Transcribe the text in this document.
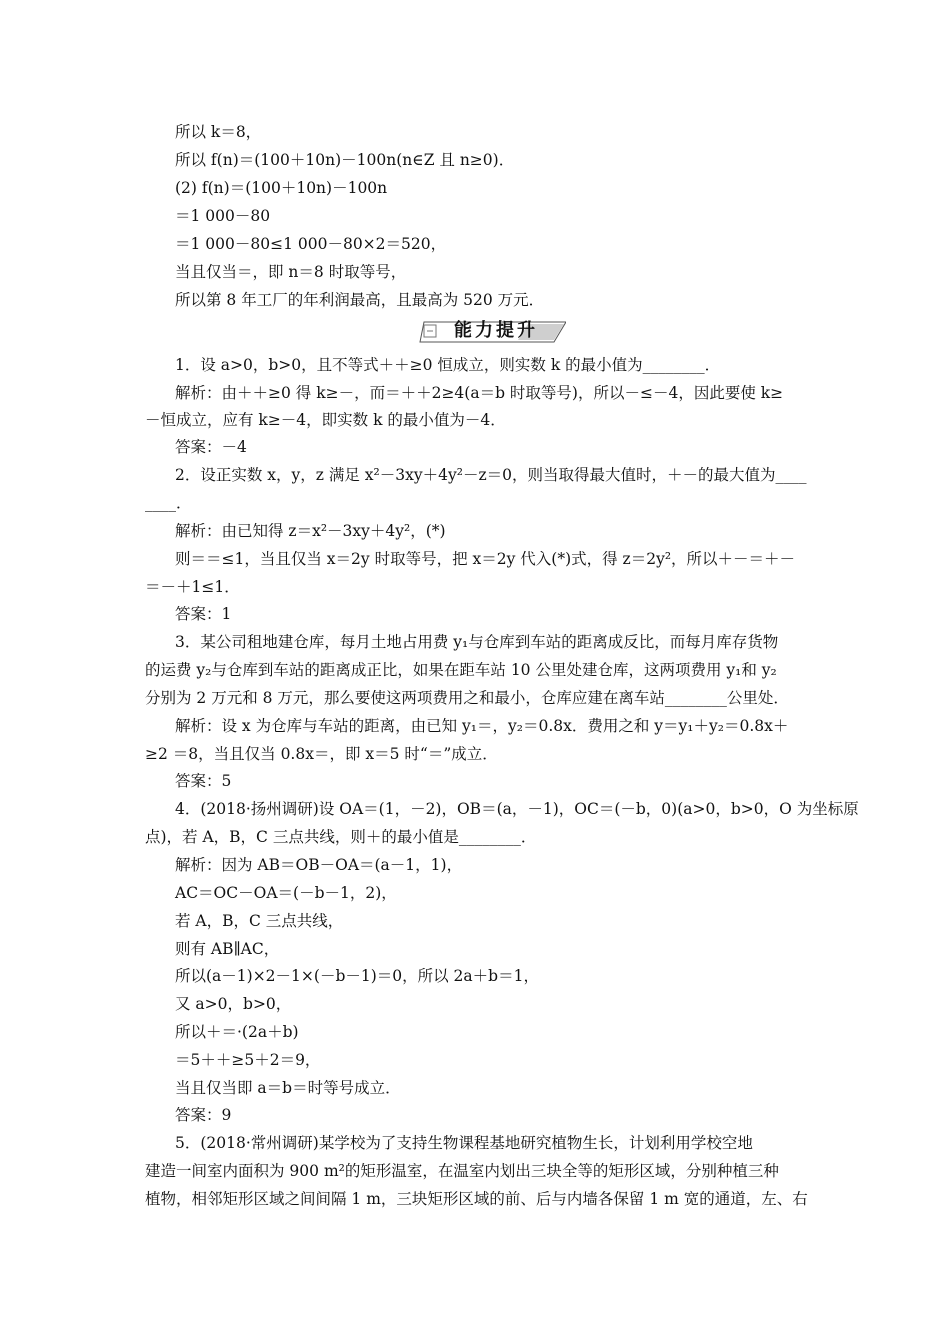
所以 k＝8，
所以 f(n)＝(100＋10n)－100n(n∈Z 且 n≥0)．
(2) f(n)＝(100＋10n)－100n
＝1 000－80
＝1 000－80≤1 000－80×2＝520，
当且仅当＝，即 n＝8 时取等号，
所以第 8 年工厂的年利润最高，且最高为 520 万元．
能力提升
1．设 a>0，b>0，且不等式＋＋≥0 恒成立，则实数 k 的最小值为________．
解析：由＋＋≥0 得 k≥－，而＝＋＋2≥4(a＝b 时取等号)，所以－≤－4，因此要使 k≥
－恒成立，应有 k≥－4，即实数 k 的最小值为－4．
答案：－4
2．设正实数 x，y，z 满足 x²－3xy＋4y²－z＝0，则当取得最大值时，＋－的最大值为____
____．
解析：由已知得 z＝x²－3xy＋4y²，(*)
则＝＝≤1，当且仅当 x＝2y 时取等号，把 x＝2y 代入(*)式，得 z＝2y²，所以＋－＝＋－
＝－＋1≤1．
答案：1
3．某公司租地建仓库，每月土地占用费 y₁与仓库到车站的距离成反比，而每月库存货物
的运费 y₂与仓库到车站的距离成正比，如果在距车站 10 公里处建仓库，这两项费用 y₁和 y₂
分别为 2 万元和 8 万元，那么要使这两项费用之和最小，仓库应建在离车站________公里处．
解析：设 x 为仓库与车站的距离，由已知 y₁＝，y₂＝0.8x．费用之和 y＝y₁＋y₂＝0.8x＋
≥2 ＝8，当且仅当 0.8x＝，即 x＝5 时“＝”成立．
答案：5
4．(2018·扬州调研)设 OA＝(1，－2)，OB＝(a，－1)，OC＝(－b，0)(a>0，b>0，O 为坐标原
点)，若 A，B，C 三点共线，则＋的最小值是________．
解析：因为 AB＝OB－OA＝(a－1，1)，
AC＝OC－OA＝(－b－1，2)，
若 A，B，C 三点共线，
则有 AB∥AC，
所以(a－1)×2－1×(－b－1)＝0，所以 2a＋b＝1，
又 a>0，b>0，
所以＋＝·(2a＋b)
＝5＋＋≥5＋2＝9，
当且仅当即 a＝b＝时等号成立．
答案：9
5．(2018·常州调研)某学校为了支持生物课程基地研究植物生长，计划利用学校空地
建造一间室内面积为 900 m²的矩形温室，在温室内划出三块全等的矩形区域，分别种植三种
植物，相邻矩形区域之间间隔 1 m，三块矩形区域的前、后与内墙各保留 1 m 宽的通道，左、右
